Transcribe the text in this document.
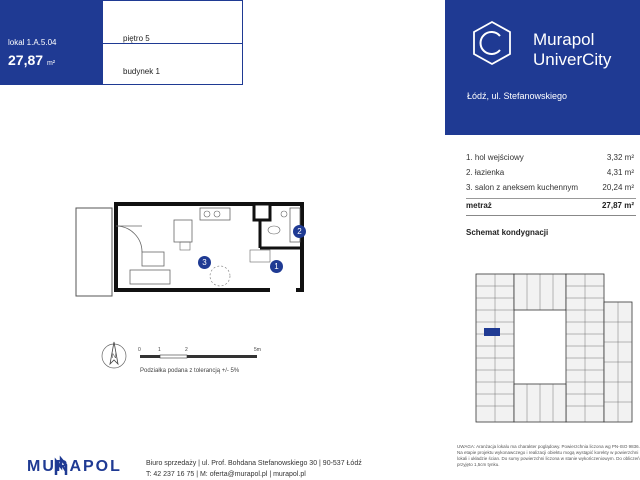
lokal 1.A.5.04
27,87 m²
piętro 5
budynek 1
Murapol
UniverCity
Łódź, ul. Stefanowskiego
1. hol wejściowy	3,32 m²
2. łazienka	4,31 m²
3. salon z aneksem kuchennym	20,24 m²
metraż	27,87 m²
Schemat kondygnacji
1
2
3
N
0	1	2	5m
Podziałka podana z tolerancją +/- 5%
MURAPOL	Biuro sprzedaży | ul. Prof. Bohdana Stefanowskiego 30 | 90-537 Łódź
T: 42 237 16 75 | M: oferta@murapol.pl | murapol.pl
UWAGA: Aranżacja lokalu ma charakter poglądowy. Powierzchnia liczona wg PN-ISO 9836. Na etapie projektu wykonawczego i realizacji obiektu mogą wystąpić korekty w powierzchni lokali i układzie ścian. Do sumy powierzchni liczona w stanie wykończeniowym. Do obliczeń przyjęto 1,5cm tynku.
